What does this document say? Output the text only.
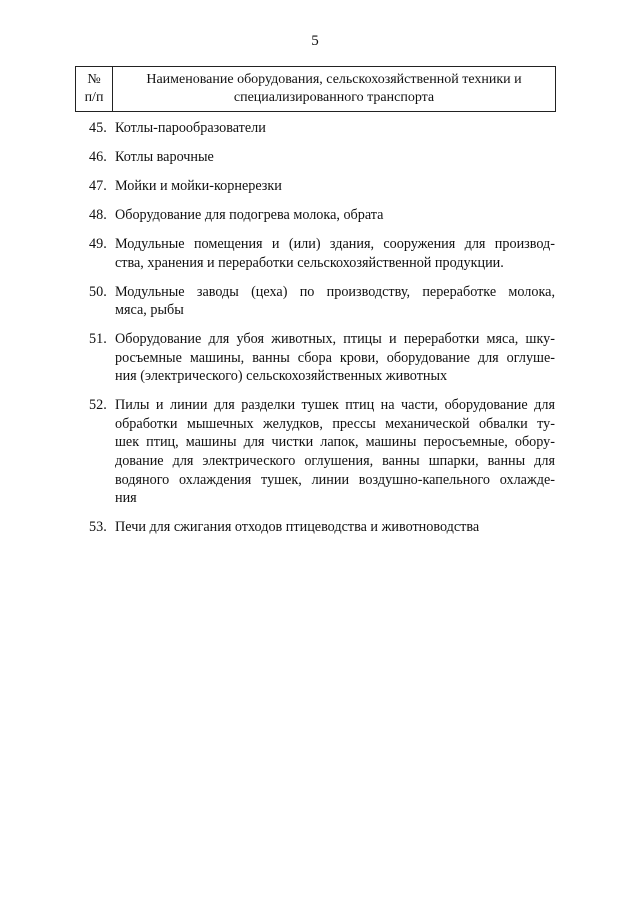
5
№
п/п
Наименование оборудования, сельскохозяйственной техники и
специализированного транспорта
45. Котлы-парообразователи
46. Котлы варочные
47. Мойки и мойки-корнерезки
48. Оборудование для подогрева молока, обрата
49. Модульные помещения и (или) здания, сооружения для производ-
ства, хранения и переработки сельскохозяйственной продукции.
50. Модульные заводы (цеха) по производству, переработке молока,
мяса, рыбы
51. Оборудование для убоя животных, птицы и переработки мяса, шку-
росъемные машины, ванны сбора крови, оборудование для оглуше-
ния (электрического) сельскохозяйственных животных
52. Пилы и линии для разделки тушек птиц на части, оборудование для
обработки мышечных желудков, прессы механической обвалки ту-
шек птиц, машины для чистки лапок, машины перосъемные, обору-
дование для электрического оглушения, ванны шпарки, ванны для
водяного охлаждения тушек, линии воздушно-капельного охлажде-
ния
53. Печи для сжигания отходов птицеводства и животноводства
